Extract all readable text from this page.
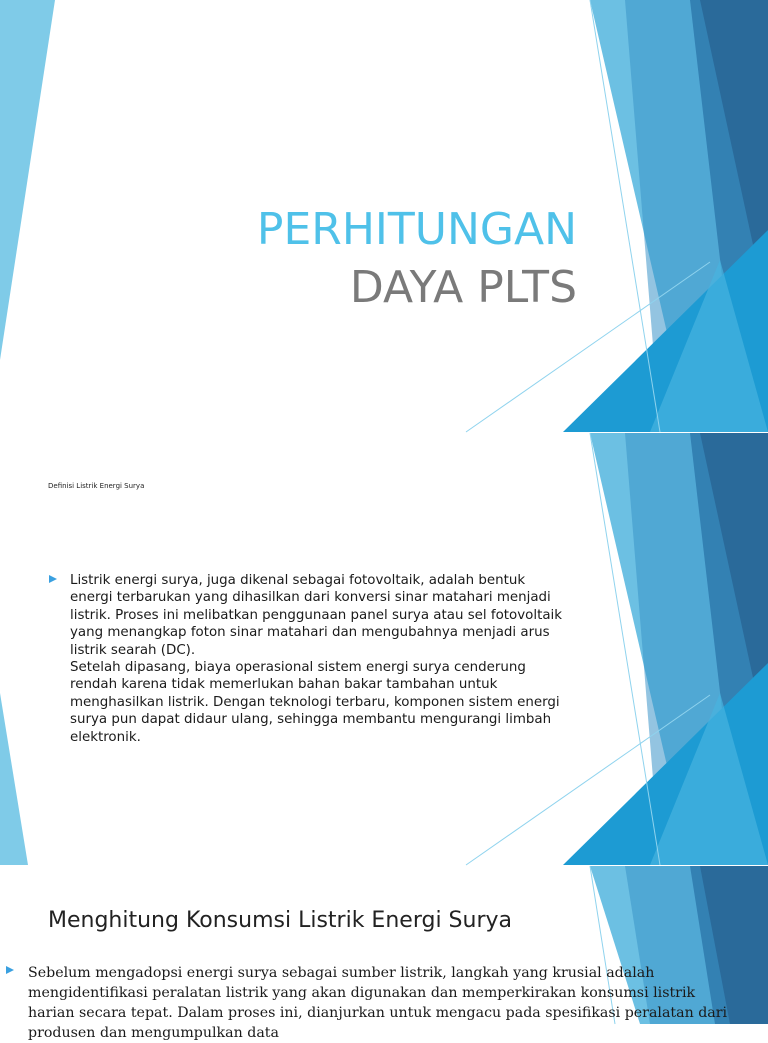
PERHITUNGAN
DAYA PLTS
Definisi Listrik Energi Surya

Listrik energi surya, juga dikenal sebagai fotovoltaik, adalah bentuk energi terbarukan yang dihasilkan dari konversi sinar matahari menjadi listrik. Proses ini melibatkan penggunaan panel surya atau sel fotovoltaik yang menangkap foton sinar matahari dan mengubahnya menjadi arus listrik searah (DC).

Setelah dipasang, biaya operasional sistem energi surya cenderung rendah karena tidak memerlukan bahan bakar tambahan untuk menghasilkan listrik. Dengan teknologi terbaru, komponen sistem energi surya pun dapat didaur ulang, sehingga membantu mengurangi limbah elektronik.

Menghitung Konsumsi Listrik Energi Surya
Sebelum mengadopsi energi surya sebagai sumber listrik, langkah yang krusial adalah mengidentifikasi peralatan listrik yang akan digunakan dan memperkirakan konsumsi listrik harian secara tepat. Dalam proses ini, dianjurkan untuk mengacu pada spesifikasi peralatan dari produsen dan mengumpulkan data
